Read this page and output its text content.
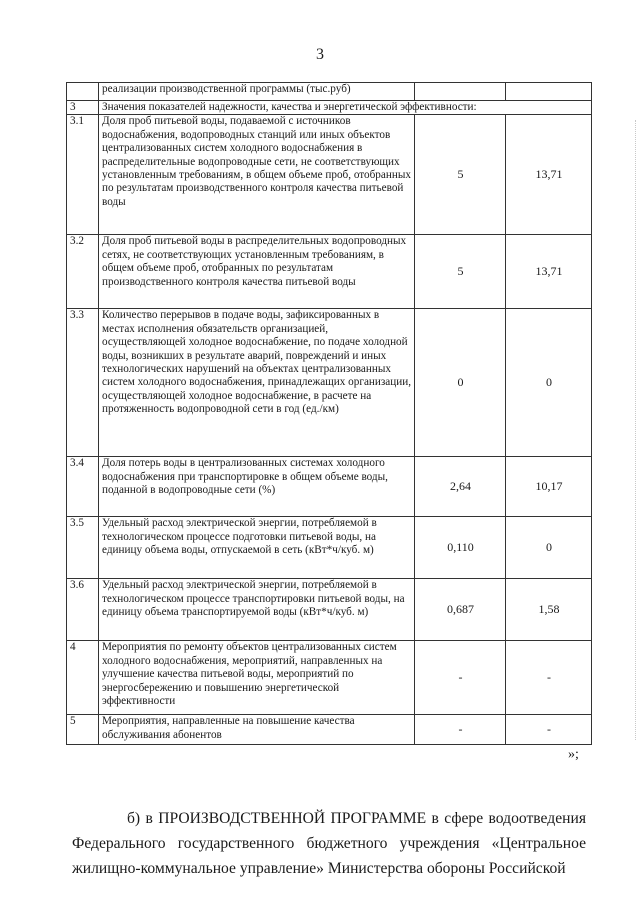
3
	реализации производственной программы (тыс.руб)		
3	Значения показателей надежности, качества и энергетической эффективности:		
3.1	Доля проб питьевой воды, подаваемой с источников водоснабжения, водопроводных станций или иных объектов централизованных систем холодного водоснабжения в распределительные водопроводные сети, не соответствующих установленным требованиям, в общем объеме проб, отобранных по результатам производственного контроля качества питьевой воды	5	13,71
3.2	Доля проб питьевой воды в распределительных водопроводных сетях, не соответствующих установленным требованиям, в общем объеме проб, отобранных по результатам производственного контроля качества питьевой воды	5	13,71
3.3	Количество перерывов в подаче воды, зафиксированных в местах исполнения обязательств организацией, осуществляющей холодное водоснабжение, по подаче холодной воды, возникших в результате аварий, повреждений и иных технологических нарушений на объектах централизованных систем холодного водоснабжения, принадлежащих организации, осуществляющей холодное водоснабжение, в расчете на протяженность водопроводной сети в год (ед./км)	0	0
3.4	Доля потерь воды в централизованных системах холодного водоснабжения при транспортировке в общем объеме воды, поданной в водопроводные сети (%)	2,64	10,17
3.5	Удельный расход электрической энергии, потребляемой в технологическом процессе подготовки питьевой воды, на единицу объема воды, отпускаемой в сеть (кВт*ч/куб. м)	0,110	0
3.6	Удельный расход электрической энергии, потребляемой в технологическом процессе транспортировки питьевой воды, на единицу объема транспортируемой воды (кВт*ч/куб. м)	0,687	1,58
4	Мероприятия по ремонту объектов централизованных систем холодного водоснабжения, мероприятий, направленных на улучшение качества питьевой воды, мероприятий по энергосбережению и повышению энергетической эффективности	-	-
5	Мероприятия, направленные на повышение качества обслуживания абонентов	-	-
»;

б) в ПРОИЗВОДСТВЕННОЙ ПРОГРАММЕ в сфере водоотведения Федерального государственного бюджетного учреждения «Центральное жилищно-коммунальное управление» Министерства обороны Российской
